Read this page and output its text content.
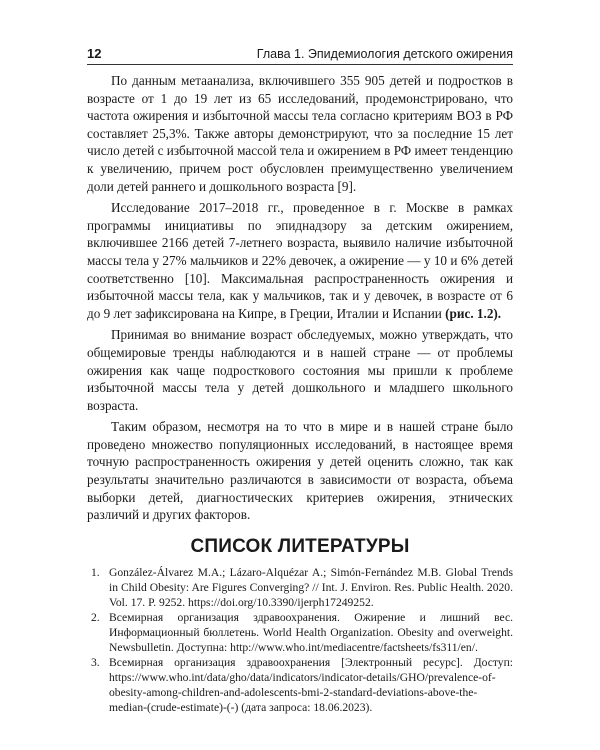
12	Глава 1. Эпидемиология детского ожирения

По данным метаанализа, включившего 355 905 детей и подростков в возрасте от 1 до 19 лет из 65 исследований, продемонстрировано, что частота ожирения и избыточной массы тела согласно критериям ВОЗ в РФ составляет 25,3%. Также авторы демонстрируют, что за последние 15 лет число детей с избыточной массой тела и ожирением в РФ имеет тенденцию к увеличению, причем рост обусловлен преимущественно увеличением доли детей раннего и дошкольного возраста [9].

Исследование 2017–2018 гг., проведенное в г. Москве в рамках программы инициативы по эпиднадзору за детским ожирением, включившее 2166 детей 7-летнего возраста, выявило наличие избыточной массы тела у 27% мальчиков и 22% девочек, а ожирение — у 10 и 6% детей соответственно [10]. Максимальная распространенность ожирения и избыточной массы тела, как у мальчиков, так и у девочек, в возрасте от 6 до 9 лет зафиксирована на Кипре, в Греции, Италии и Испании (рис. 1.2).

Принимая во внимание возраст обследуемых, можно утверждать, что общемировые тренды наблюдаются и в нашей стране — от проблемы ожирения как чаще подросткового состояния мы пришли к проблеме избыточной массы тела у детей дошкольного и младшего школьного возраста.

Таким образом, несмотря на то что в мире и в нашей стране было проведено множество популяционных исследований, в настоящее время точную распространенность ожирения у детей оценить сложно, так как результаты значительно различаются в зависимости от возраста, объема выборки детей, диагностических критериев ожирения, этнических различий и других факторов.

СПИСОК ЛИТЕРАТУРЫ
1. González-Álvarez M.A.; Lázaro-Alquézar A.; Simón-Fernández M.B. Global Trends in Child Obesity: Are Figures Converging? // Int. J. Environ. Res. Public Health. 2020. Vol. 17. P. 9252. https://doi.org/10.3390/ijerph17249252.
2. Всемирная организация здравоохранения. Ожирение и лишний вес. Информационный бюллетень. World Health Organization. Obesity and overweight. Newsbulletin. Доступна: http://www.who.int/mediacentre/factsheets/fs311/en/.
3. Всемирная организация здравоохранения [Электронный ресурс]. Доступ: https://www.who.int/data/gho/data/indicators/indicator-details/GHO/prevalence-of-obesity-among-children-and-adolescents-bmi-2-standard-deviations-above-the-median-(crude-estimate)-(-) (дата запроса: 18.06.2023).
